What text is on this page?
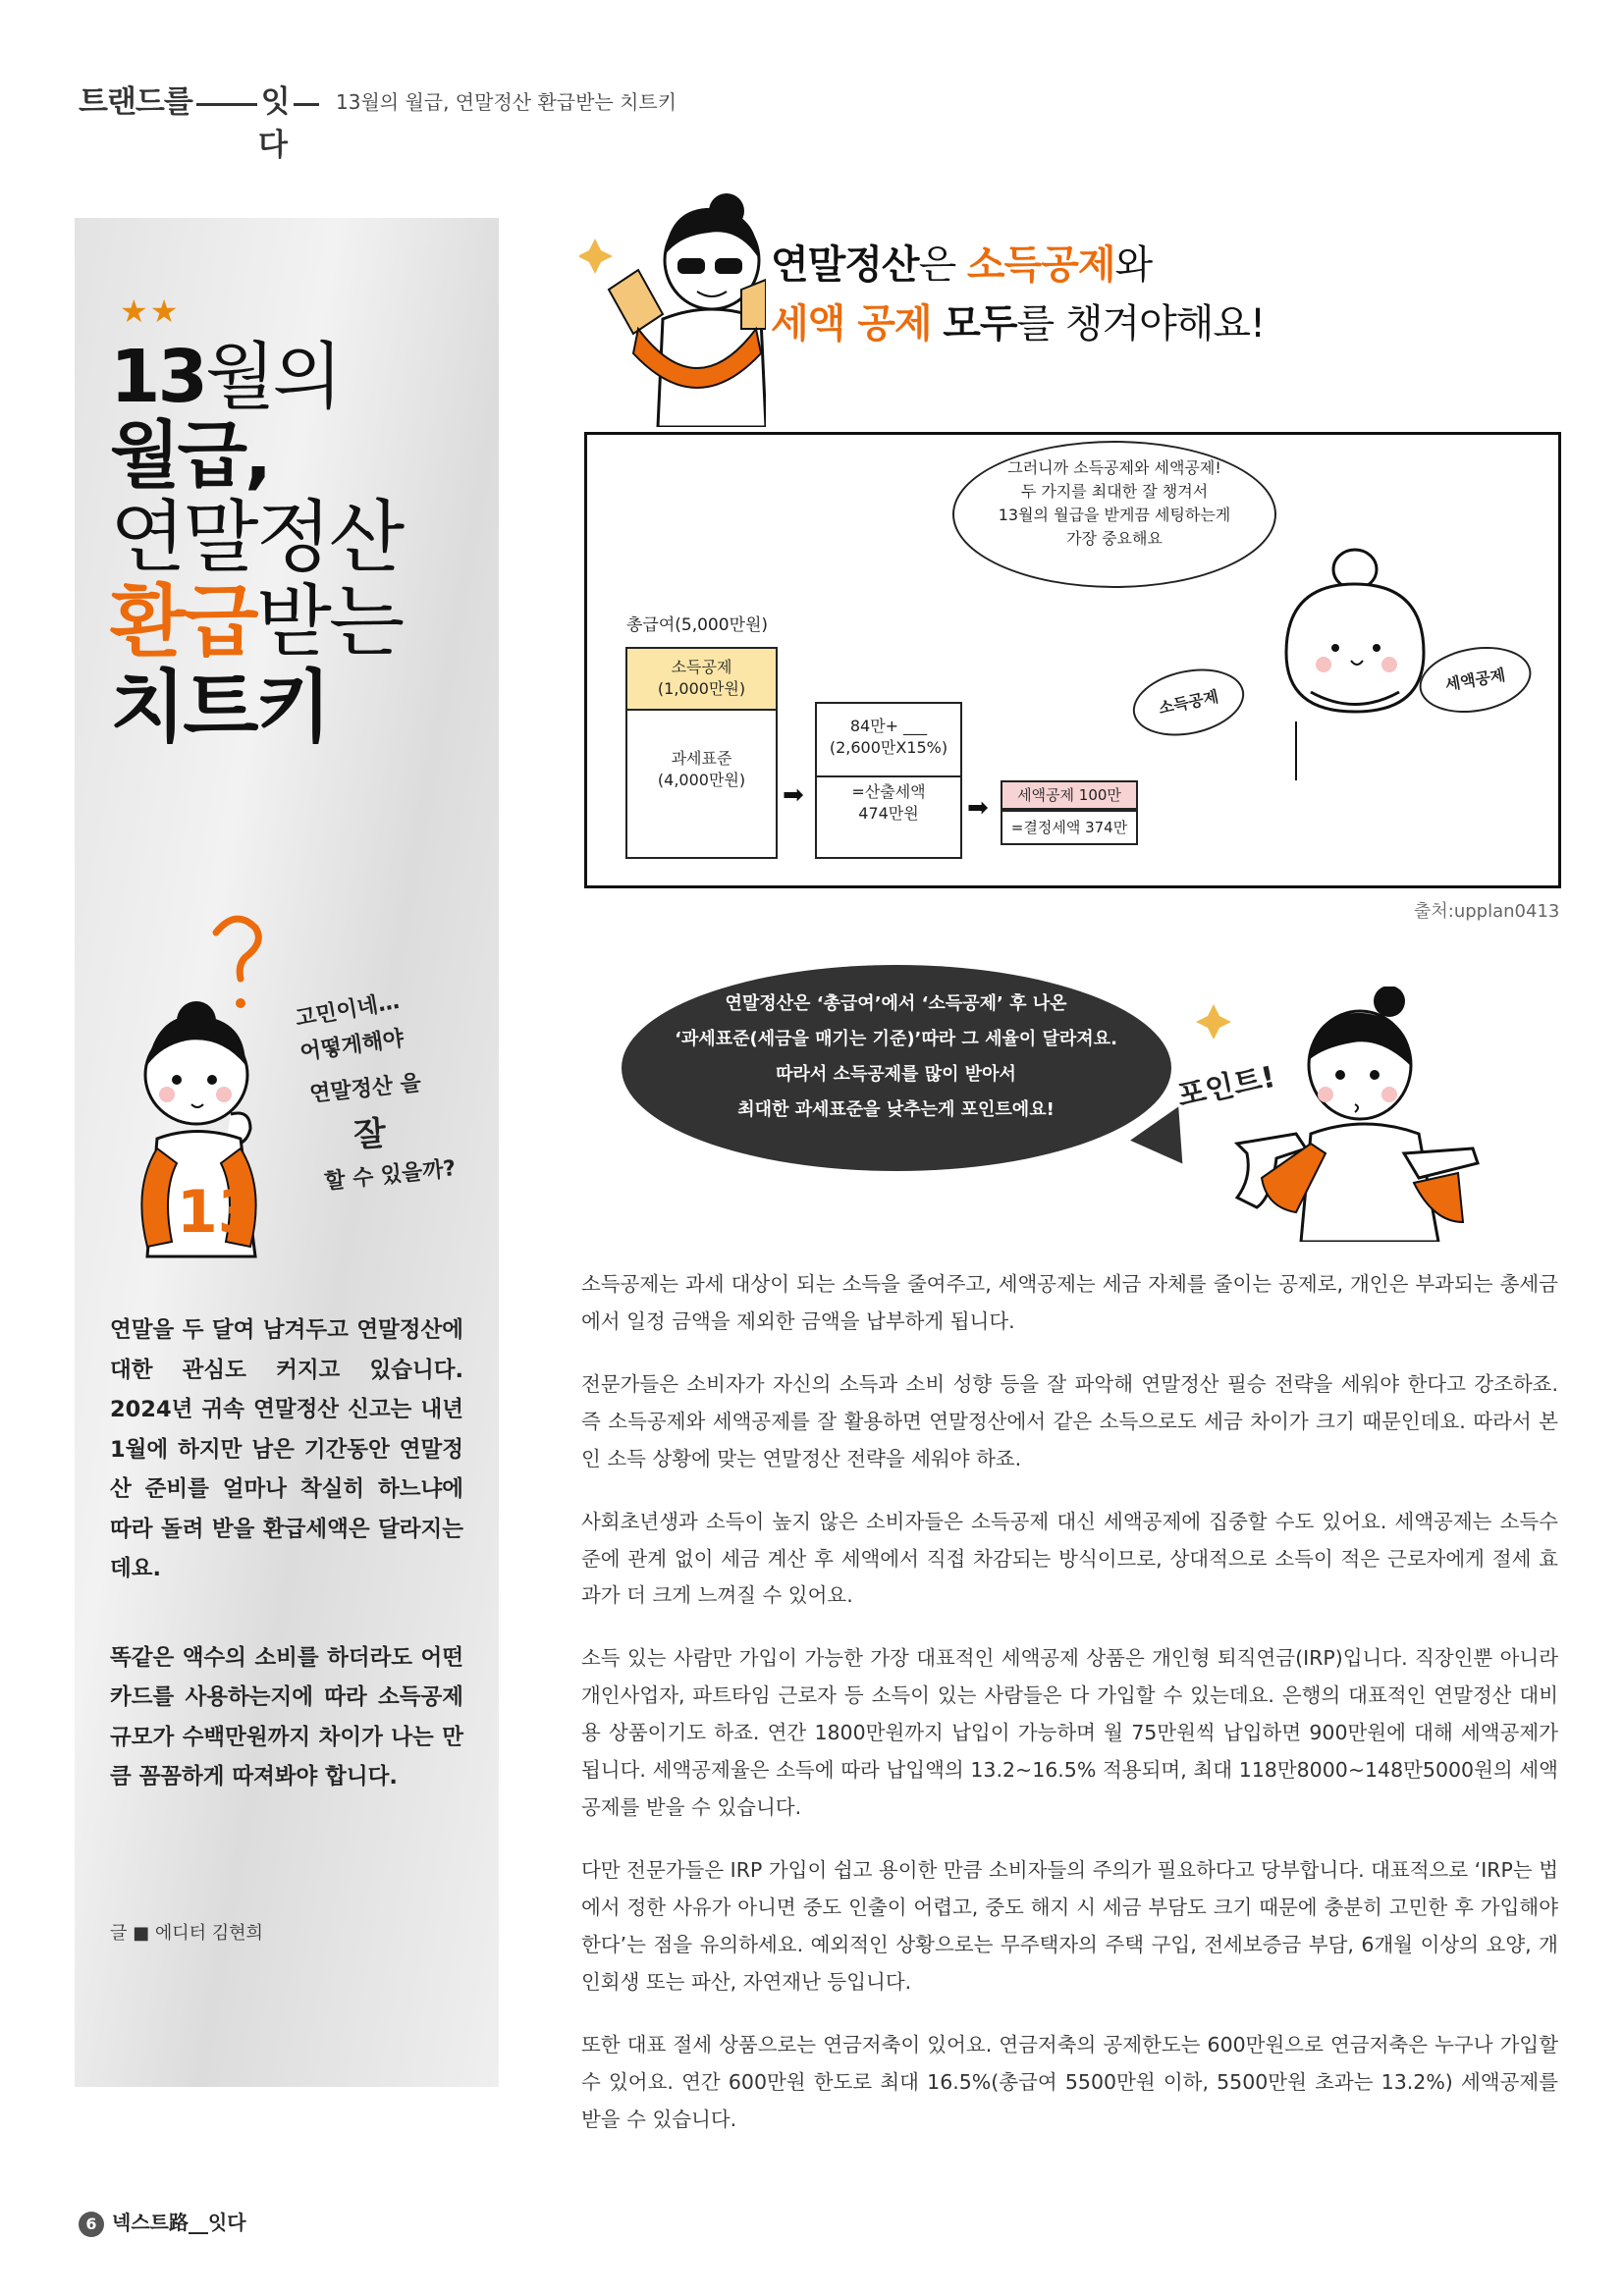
트랜드를 잇
다
13월의 월급, 연말정산 환급받는 치트키
★★
13월의
월급,
연말정산
환급받는
치트키
13
고민이네…
어떻게해야
연말정산 을
잘
할 수 있을까?

연말을 두 달여 남겨두고 연말정산에 대한 관심도 커지고 있습니다. 2024년 귀속 연말정산 신고는 내년 1월에 하지만 남은 기간동안 연말정산 준비를 얼마나 착실히 하느냐에 따라 돌려 받을 환급세액은 달라지는데요.

똑같은 액수의 소비를 하더라도 어떤 카드를 사용하는지에 따라 소득공제 규모가 수백만원까지 차이가 나는 만큼 꼼꼼하게 따져봐야 합니다.

글 ■ 에디터 김현희
연말정산은 소득공제와
세액 공제 모두를 챙겨야해요!
그러니까 소득공제와 세액공제!
두 가지를 최대한 잘 챙겨서
13월의 월급을 받게끔 세팅하는게
가장 중요해요
총급여(5,000만원)
소득공제
(1,000만원)
과세표준
(4,000만원)
➡
84만+ ___
(2,600만X15%)
=산출세액
474만원	➡	세액공제 100만
=결정세액 374만
소득공제
세액공제
출처:upplan0413
연말정산은 ‘총급여’에서 ‘소득공제’ 후 나온
‘과세표준(세금을 매기는 기준)’따라 그 세율이 달라져요.
따라서 소득공제를 많이 받아서
최대한 과세표준을 낮추는게 포인트에요!	포인트!

소득공제는 과세 대상이 되는 소득을 줄여주고, 세액공제는 세금 자체를 줄이는 공제로, 개인은 부과되는 총세금에서 일정 금액을 제외한 금액을 납부하게 됩니다.

전문가들은 소비자가 자신의 소득과 소비 성향 등을 잘 파악해 연말정산 필승 전략을 세워야 한다고 강조하죠. 즉 소득공제와 세액공제를 잘 활용하면 연말정산에서 같은 소득으로도 세금 차이가 크기 때문인데요. 따라서 본인 소득 상황에 맞는 연말정산 전략을 세워야 하죠.

사회초년생과 소득이 높지 않은 소비자들은 소득공제 대신 세액공제에 집중할 수도 있어요. 세액공제는 소득수준에 관계 없이 세금 계산 후 세액에서 직접 차감되는 방식이므로, 상대적으로 소득이 적은 근로자에게 절세 효과가 더 크게 느껴질 수 있어요.

소득 있는 사람만 가입이 가능한 가장 대표적인 세액공제 상품은 개인형 퇴직연금(IRP)입니다. 직장인뿐 아니라 개인사업자, 파트타임 근로자 등 소득이 있는 사람들은 다 가입할 수 있는데요. 은행의 대표적인 연말정산 대비용 상품이기도 하죠. 연간 1800만원까지 납입이 가능하며 월 75만원씩 납입하면 900만원에 대해 세액공제가 됩니다. 세액공제율은 소득에 따라 납입액의 13.2~16.5% 적용되며, 최대 118만8000~148만5000원의 세액공제를 받을 수 있습니다.

다만 전문가들은 IRP 가입이 쉽고 용이한 만큼 소비자들의 주의가 필요하다고 당부합니다. 대표적으로 ‘IRP는 법에서 정한 사유가 아니면 중도 인출이 어렵고, 중도 해지 시 세금 부담도 크기 때문에 충분히 고민한 후 가입해야 한다’는 점을 유의하세요. 예외적인 상황으로는 무주택자의 주택 구입, 전세보증금 부담, 6개월 이상의 요양, 개인회생 또는 파산, 자연재난 등입니다.

또한 대표 절세 상품으로는 연금저축이 있어요. 연금저축의 공제한도는 600만원으로 연금저축은 누구나 가입할 수 있어요. 연간 600만원 한도로 최대 16.5%(총급여 5500만원 이하, 5500만원 초과는 13.2%) 세액공제를 받을 수 있습니다.

6 넥스트路__잇다
